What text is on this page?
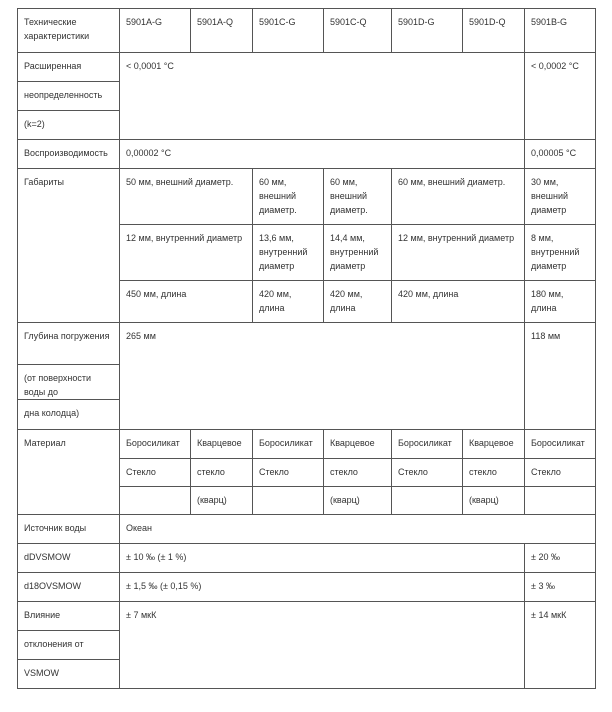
Технические характеристики	5901A-G	5901A-Q	5901C-G	5901C-Q	5901D-G	5901D-Q	5901B-G
Расширенная	< 0,0001 °C						< 0,0002 °C
неопределенность							
(k=2)							
Воспроизводимость	0,00002 °C						0,00005 °C
Габариты	50 мм, внешний диаметр.		60 мм, внешний диаметр.	60 мм, внешний диаметр.	60 мм, внешний диаметр.		30 мм, внешний диаметр
	12 мм, внутренний диаметр		13,6 мм, внутренний диаметр	14,4 мм, внутренний диаметр	12 мм, внутренний диаметр		8 мм, внутренний диаметр
	450 мм, длина		420 мм, длина	420 мм, длина	420 мм, длина		180 мм, длина
Глубина погружения	265 мм						118 мм
(от поверхности воды до							
дна колодца)							
Материал	Боросиликат	Кварцевое	Боросиликат	Кварцевое	Боросиликат	Кварцевое	Боросиликат
	Стекло	стекло	Стекло	стекло	Стекло	стекло	Стекло
		(кварц)		(кварц)		(кварц)	
Источник воды	Океан						
dDVSMOW	± 10 ‰ (± 1 %)						± 20 ‰
d18OVSMOW	± 1,5 ‰ (± 0,15 %)						± 3 ‰
Влияние	± 7 мкК						± 14 мкК
отклонения от							
VSMOW							
